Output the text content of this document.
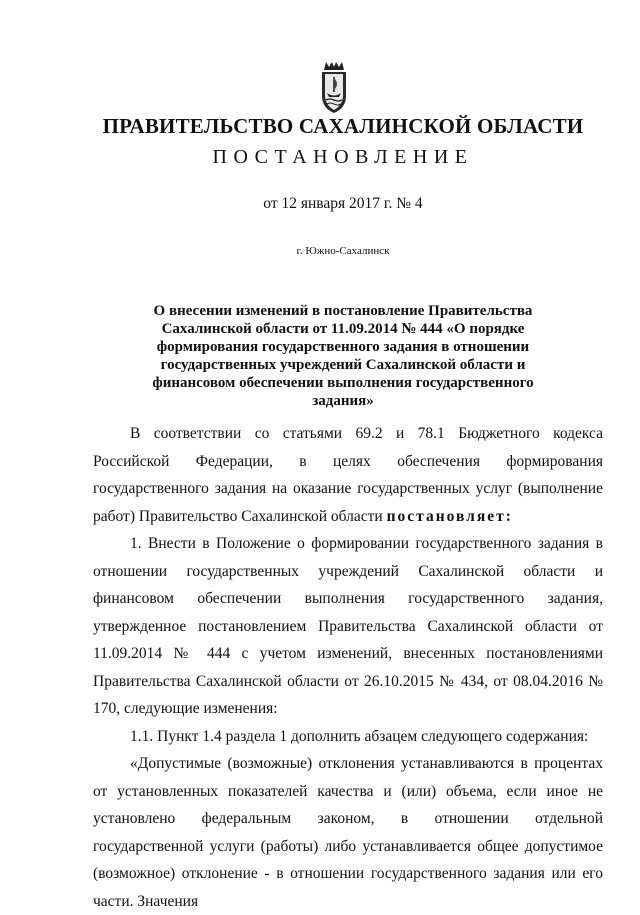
ПРАВИТЕЛЬСТВО САХАЛИНСКОЙ ОБЛАСТИ
ПОСТАНОВЛЕНИЕ
от 12 января 2017 г. № 4
г. Южно-Сахалинск
О внесении изменений в постановление Правительства Сахалинской области от 11.09.2014 № 444 «О порядке формирования государственного задания в отношении государственных учреждений Сахалинской области и финансовом обеспечении выполнения государственного задания»

В соответствии со статьями 69.2 и 78.1 Бюджетного кодекса Российской Федерации, в целях обеспечения формирования государственного задания на оказание государственных услуг (выполнение работ) Правительство Сахалинской области постановляет:

1. Внести в Положение о формировании государственного задания в отношении государственных учреждений Сахалинской области и финансовом обеспечении выполнения государственного задания, утвержденное постановлением Правительства Сахалинской области от 11.09.2014 № 444 с учетом изменений, внесенных постановлениями Правительства Сахалинской области от 26.10.2015 № 434, от 08.04.2016 № 170, следующие изменения:

1.1. Пункт 1.4 раздела 1 дополнить абзацем следующего содержания:

«Допустимые (возможные) отклонения устанавливаются в процентах от установленных показателей качества и (или) объема, если иное не установлено федеральным законом, в отношении отдельной государственной услуги (работы) либо устанавливается общее допустимое (возможное) отклонение - в отношении государственного задания или его части. Значения
